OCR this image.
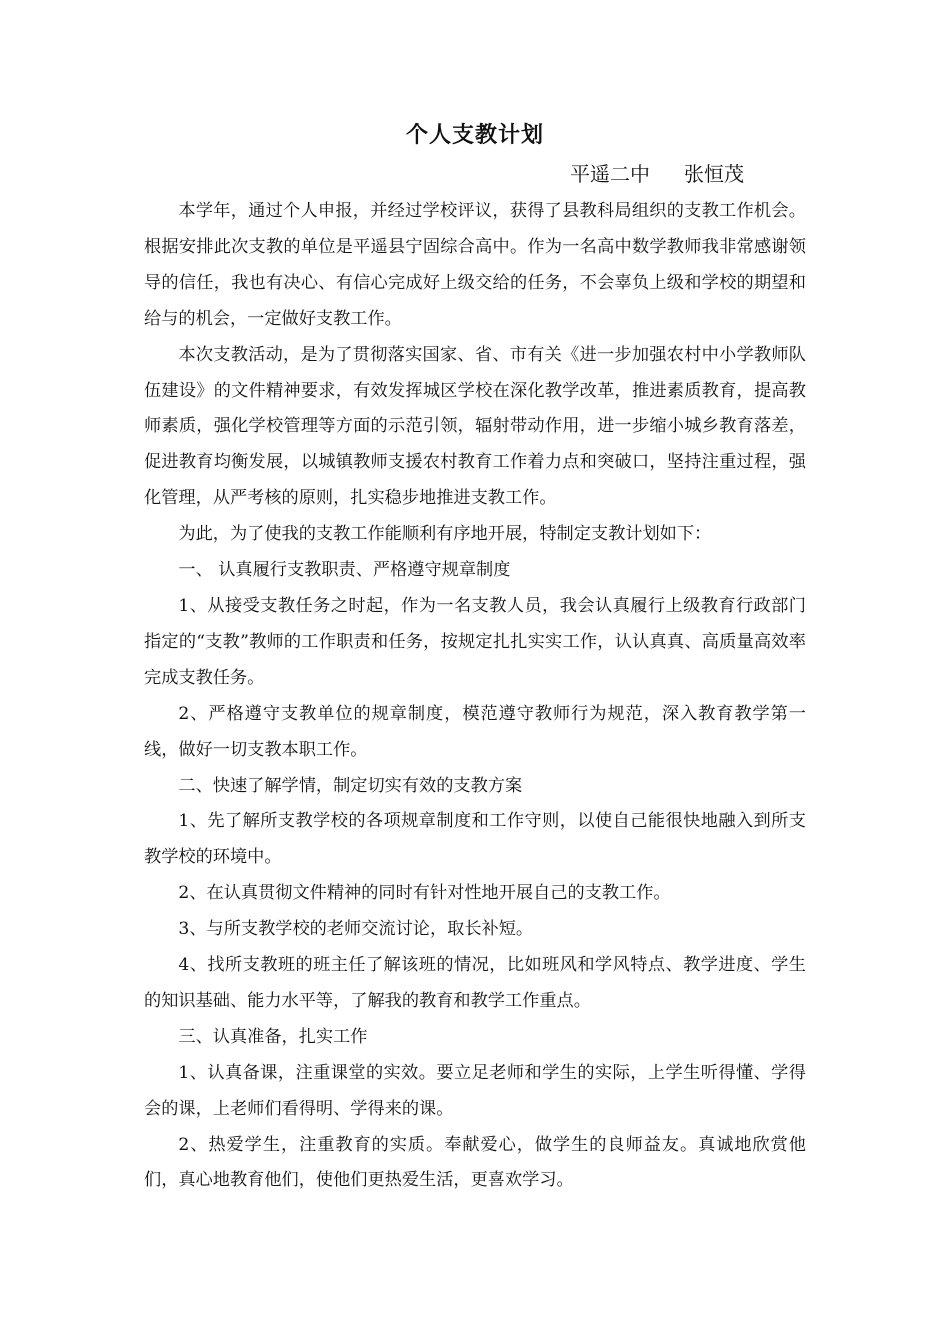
个人支教计划
平遥二中 张恒茂

本学年，通过个人申报，并经过学校评议，获得了县教科局组织的支教工作机会。根据安排此次支教的单位是平遥县宁固综合高中。作为一名高中数学教师我非常感谢领导的信任，我也有决心、有信心完成好上级交给的任务，不会辜负上级和学校的期望和给与的机会，一定做好支教工作。

本次支教活动，是为了贯彻落实国家、省、市有关《进一步加强农村中小学教师队伍建设》的文件精神要求，有效发挥城区学校在深化教学改革，推进素质教育，提高教师素质，强化学校管理等方面的示范引领，辐射带动作用，进一步缩小城乡教育落差，促进教育均衡发展，以城镇教师支援农村教育工作着力点和突破口，坚持注重过程，强化管理，从严考核的原则，扎实稳步地推进支教工作。

为此，为了使我的支教工作能顺利有序地开展，特制定支教计划如下：

一、 认真履行支教职责、严格遵守规章制度

1、从接受支教任务之时起，作为一名支教人员，我会认真履行上级教育行政部门指定的“支教”教师的工作职责和任务，按规定扎扎实实工作，认认真真、高质量高效率完成支教任务。

2、严格遵守支教单位的规章制度，模范遵守教师行为规范，深入教育教学第一线，做好一切支教本职工作。

二、快速了解学情，制定切实有效的支教方案

1、先了解所支教学校的各项规章制度和工作守则，以使自己能很快地融入到所支教学校的环境中。

2、在认真贯彻文件精神的同时有针对性地开展自己的支教工作。

3、与所支教学校的老师交流讨论，取长补短。

4、找所支教班的班主任了解该班的情况，比如班风和学风特点、教学进度、学生的知识基础、能力水平等，了解我的教育和教学工作重点。

三、认真准备，扎实工作

1、认真备课，注重课堂的实效。要立足老师和学生的实际，上学生听得懂、学得会的课，上老师们看得明、学得来的课。

2、热爱学生，注重教育的实质。奉献爱心，做学生的良师益友。真诚地欣赏他们，真心地教育他们，使他们更热爱生活，更喜欢学习。
